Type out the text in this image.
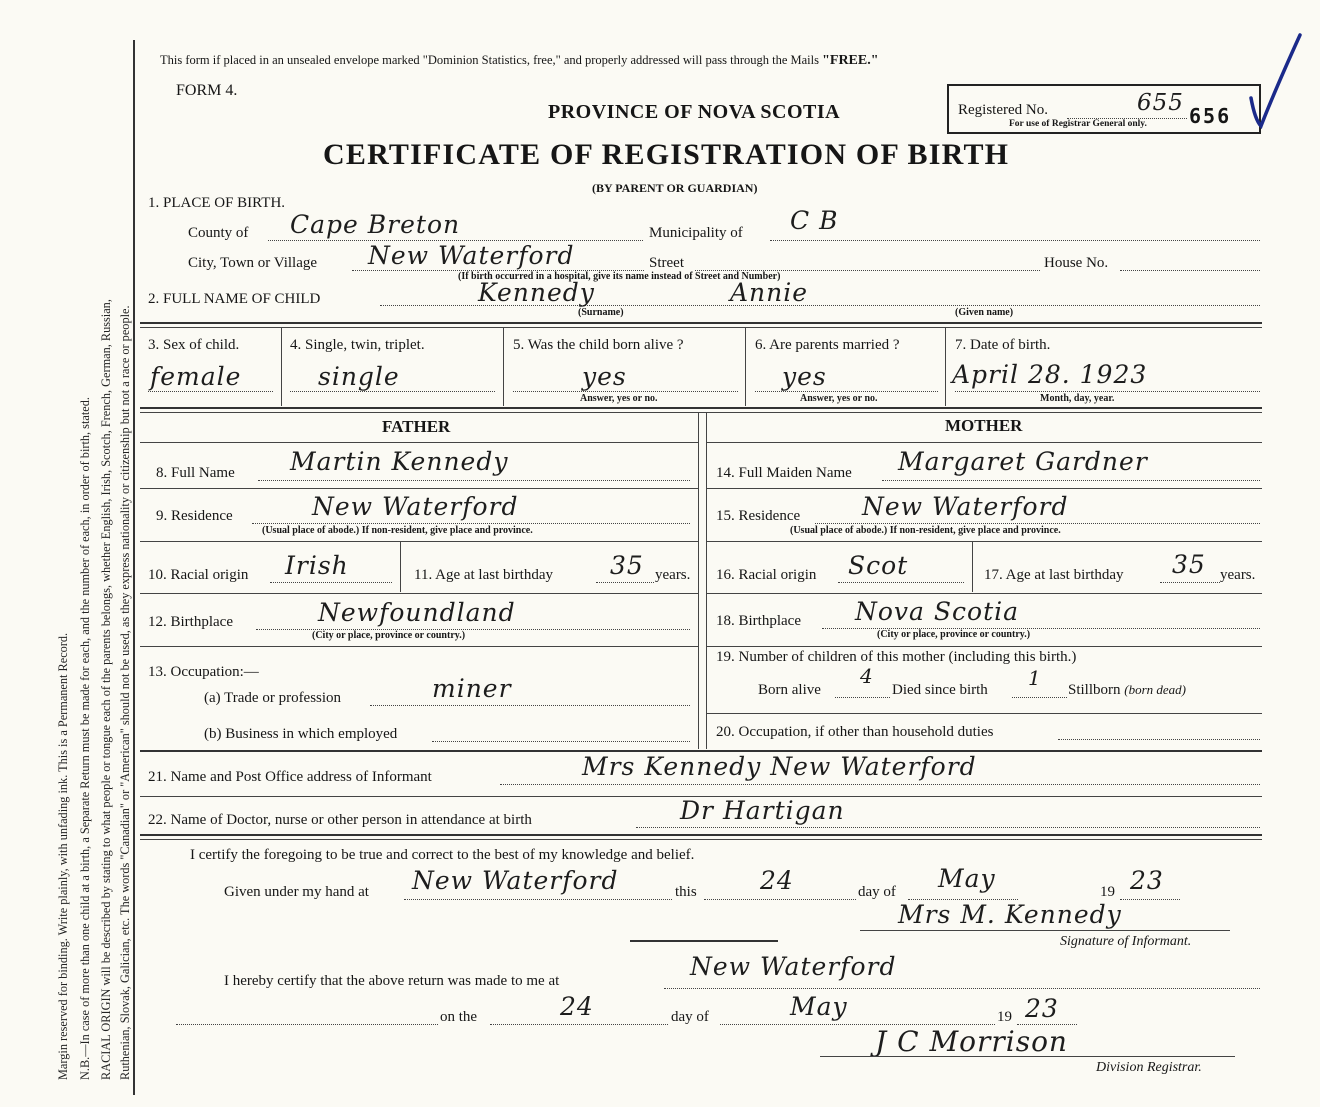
Margin reserved for binding. Write plainly, with unfading ink. This is a Permanent Record. N.B.—In case of more than one child at a birth, a Separate Return must be made for each, and the number of each, in order of birth, stated. RACIAL ORIGIN will be described by stating to what people or tongue each of the parents belongs, whether English, Irish, Scotch, French, German, Russian, Ruthenian, Slovak, Galician, etc. The words "Canadian" or "American" should not be used, as they express nationality or citizenship but not a race or people.
This form if placed in an unsealed envelope marked "Dominion Statistics, free," and properly addressed will pass through the Mails "FREE."
FORM 4.
PROVINCE OF NOVA SCOTIA
CERTIFICATE OF REGISTRATION OF BIRTH
(BY PARENT OR GUARDIAN)
Registered No.
For use of Registrar General only.
655 656
1. PLACE OF BIRTH.
County of Cape Breton	Municipality of C B
City, Town or Village New Waterford	Street	House No.
(If birth occurred in a hospital, give its name instead of Street and Number)
2. FULL NAME OF CHILD	Kennedy	Annie
(Surname)	(Given name)
3. Sex of child.
female
4. Single, twin, triplet.
single
5. Was the child born alive ?
yes
Answer, yes or no.
6. Are parents married ?
yes
Answer, yes or no.
7. Date of birth.
April 28. 1923
Month, day, year.
FATHER	MOTHER
8. Full Name Martin Kennedy
9. Residence	New Waterford
(Usual place of abode.) If non-resident, give place and province.
10. Racial origin Irish	11. Age at last birthday 35 years.
12. Birthplace	Newfoundland
(City or place, province or country.)
13. Occupation:—
(a) Trade or profession	miner
(b) Business in which employed
14. Full Maiden Name Margaret Gardner
15. Residence New Waterford
(Usual place of abode.) If non-resident, give place and province.
16. Racial origin Scot	17. Age at last birthday 35 years.
18. Birthplace Nova Scotia
(City or place, province or country.)
19. Number of children of this mother (including this birth.)
Born alive
4
Died since birth 1 Stillborn (born dead)
20. Occupation, if other than household duties
21. Name and Post Office address of Informant	Mrs Kennedy New Waterford
22. Name of Doctor, nurse or other person in attendance at birth	Dr Hartigan
I certify the foregoing to be true and correct to the best of my knowledge and belief.
Given under my hand at New Waterford	this	24	day of May	19 23
Mrs M. Kennedy
Signature of Informant.
I hereby certify that the above return was made to me at	New Waterford
on the	24	day of	May	19 23
J C Morrison
Division Registrar.
